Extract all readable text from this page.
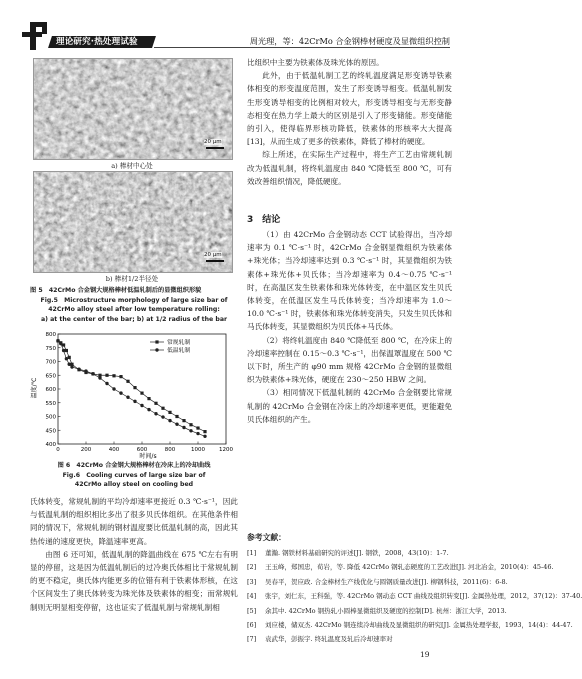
理论研究·热处理试验	周光理，等：42CrMo 合金钢棒材硬度及显微组织控制
20 μm
a) 棒材中心处
20 μm
b) 棒材1/2半径处
图 5　42CrMo 合金钢大规格棒材低温轧制后的显微组织形貌
Fig.5　Microstructure morphology of large size bar of
42CrMo alloy steel after low temperature rolling:
a) at the center of the bar; b) at 1/2 radius of the bar
0	200	400	600	800	1000	1200
400
450
500
550
600
650
700
750
800
常规轧制
低温轧制
时间/s
温度/℃
图 6　42CrMo 合金钢大规格棒材在冷床上的冷却曲线
Fig.6　Cooling curves of large size bar of
42CrMo alloy steel on cooling bed

氏体转变，常规轧制的平均冷却速率更接近 0.3 ℃·s⁻¹，因此与低温轧制的组织相比多出了很多贝氏体组织。在其他条件相同的情况下，常规轧制的钢材温度要比低温轧制的高，因此其热传递的速度更快，降温速率更高。

由图 6 还可知，低温轧制的降温曲线在 675 ℃左右有明显的停留，这是因为低温轧制后的过冷奥氏体相比于常规轧制的更不稳定，奥氏体内能更多的位错有利于铁素体形核，在这个区间发生了奥氏体转变为珠光体及铁素体的相变；而常规轧制则无明显相变停留，这也证实了低温轧制与常规轧制相

比组织中主要为铁素体及珠光体的原因。

此外，由于低温轧制工艺的终轧温度满足形变诱导铁素体相变的形变温度范围，发生了形变诱导相变。低温轧制发生形变诱导相变的比例相对较大，形变诱导相变与无形变静态相变在热力学上最大的区别是引入了形变储能。形变储能的引入，使得临界形核功降低，铁素体的形核率大大提高[13]，从而生成了更多的铁素体，降低了棒材的硬度。

综上所述，在实际生产过程中，将生产工艺由常规轧制改为低温轧制，将终轧温度由 840 ℃降低至 800 ℃，可有效改善组织情况，降低硬度。

3　结论

（1）由 42CrMo 合金钢动态 CCT 试验得出，当冷却速率为 0.1 ℃·s⁻¹ 时，42CrMo 合金钢显微组织为铁素体+珠光体；当冷却速率达到 0.3 ℃·s⁻¹ 时，其显微组织为铁素体+珠光体+贝氏体；当冷却速率为 0.4～0.75 ℃·s⁻¹ 时，在高温区发生铁素体和珠光体转变，在中温区发生贝氏体转变，在低温区发生马氏体转变；当冷却速率为 1.0～10.0 ℃·s⁻¹ 时，铁素体和珠光体转变消失，只发生贝氏体和马氏体转变，其显微组织为贝氏体+马氏体。

（2）将终轧温度由 840 ℃降低至 800 ℃，在冷床上的冷却速率控制在 0.15～0.3 ℃·s⁻¹，出保温罩温度在 500 ℃以下时，所生产的 φ90 mm 规格 42CrMo 合金钢的显微组织为铁素体+珠光体，硬度在 230～250 HBW 之间。

（3）相同情况下低温轧制的 42CrMo 合金钢要比常规轧制的 42CrMo 合金钢在冷床上的冷却速率更低，更能避免贝氏体组织的产生。

参考文献：
[1] 董瀚. 钢铁材料基础研究的评述[J]. 钢铁，2008，43(10)：1-7.
[2] 王玉峰，郑国忠，荀岩，等. 降低 42CrMo 钢轧态硬度的工艺改进[J]. 河北冶金，2010(4)：45-46.
[3] 吴春平，贺应政. 合金棒材生产线优化与圆钢质量改进[J]. 柳钢科技，2011(6)：6-8.
[4] 张宇，刘仁东，王科强，等. 42CrMo 钢动态 CCT 曲线及组织转变[J]. 金属热处理，2012，37(12)：37-40.
[5] 余其中. 42CrMo 钢热轧小圆棒显微组织及硬度的控制[D]. 杭州：浙江大学，2013.
[6] 刘应楼，储双杰. 42CrMo 钢连续冷却曲线及显微组织的研究[J]. 金属热处理学报，1993，14(4)：44-47.
[7] 袁武华，彭振宇. 终轧温度及轧后冷却速率对
19
